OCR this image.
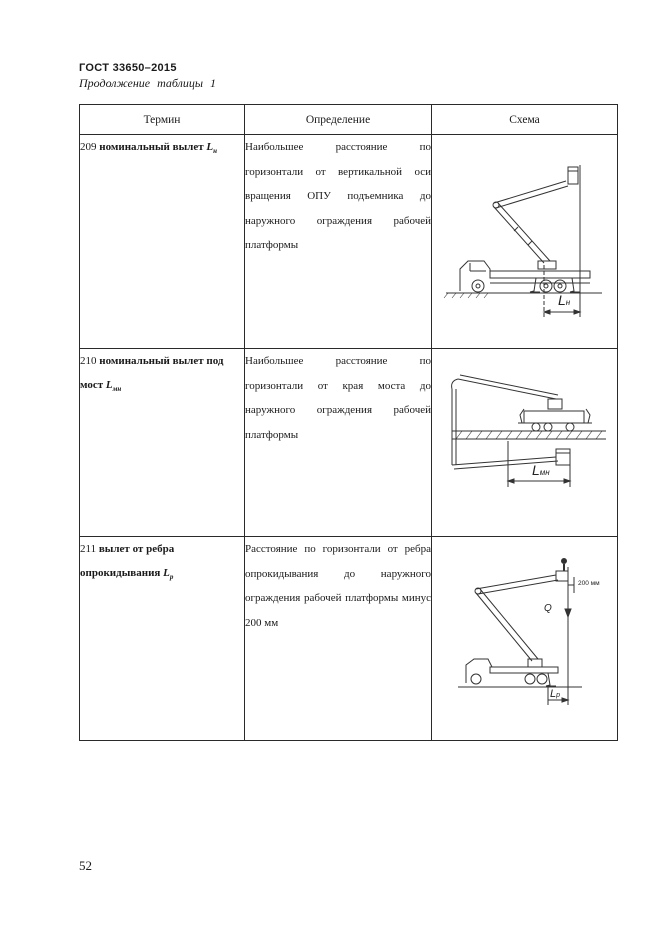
ГОСТ 33650–2015
Продолжение таблицы 1
Термин	Определение	Схема
209 номинальный вылет $L_н$	Наибольшее расстояние по горизонтали от вертикальной оси вращения ОПУ подъемника до наружного ограждения рабочей платформы	Lн

210 номинальный вылет под мост $L_{мн}$	Наибольшее расстояние по горизонтали от края моста до наружного ограждения рабочей платформы	Lмн

211 вылет от ребра опрокидывания $L_р$	Расстояние по горизонтали от ребра опрокидывания до наружного ограждения рабочей платформы минус 200 мм	Q
200 мм
Lр
52
